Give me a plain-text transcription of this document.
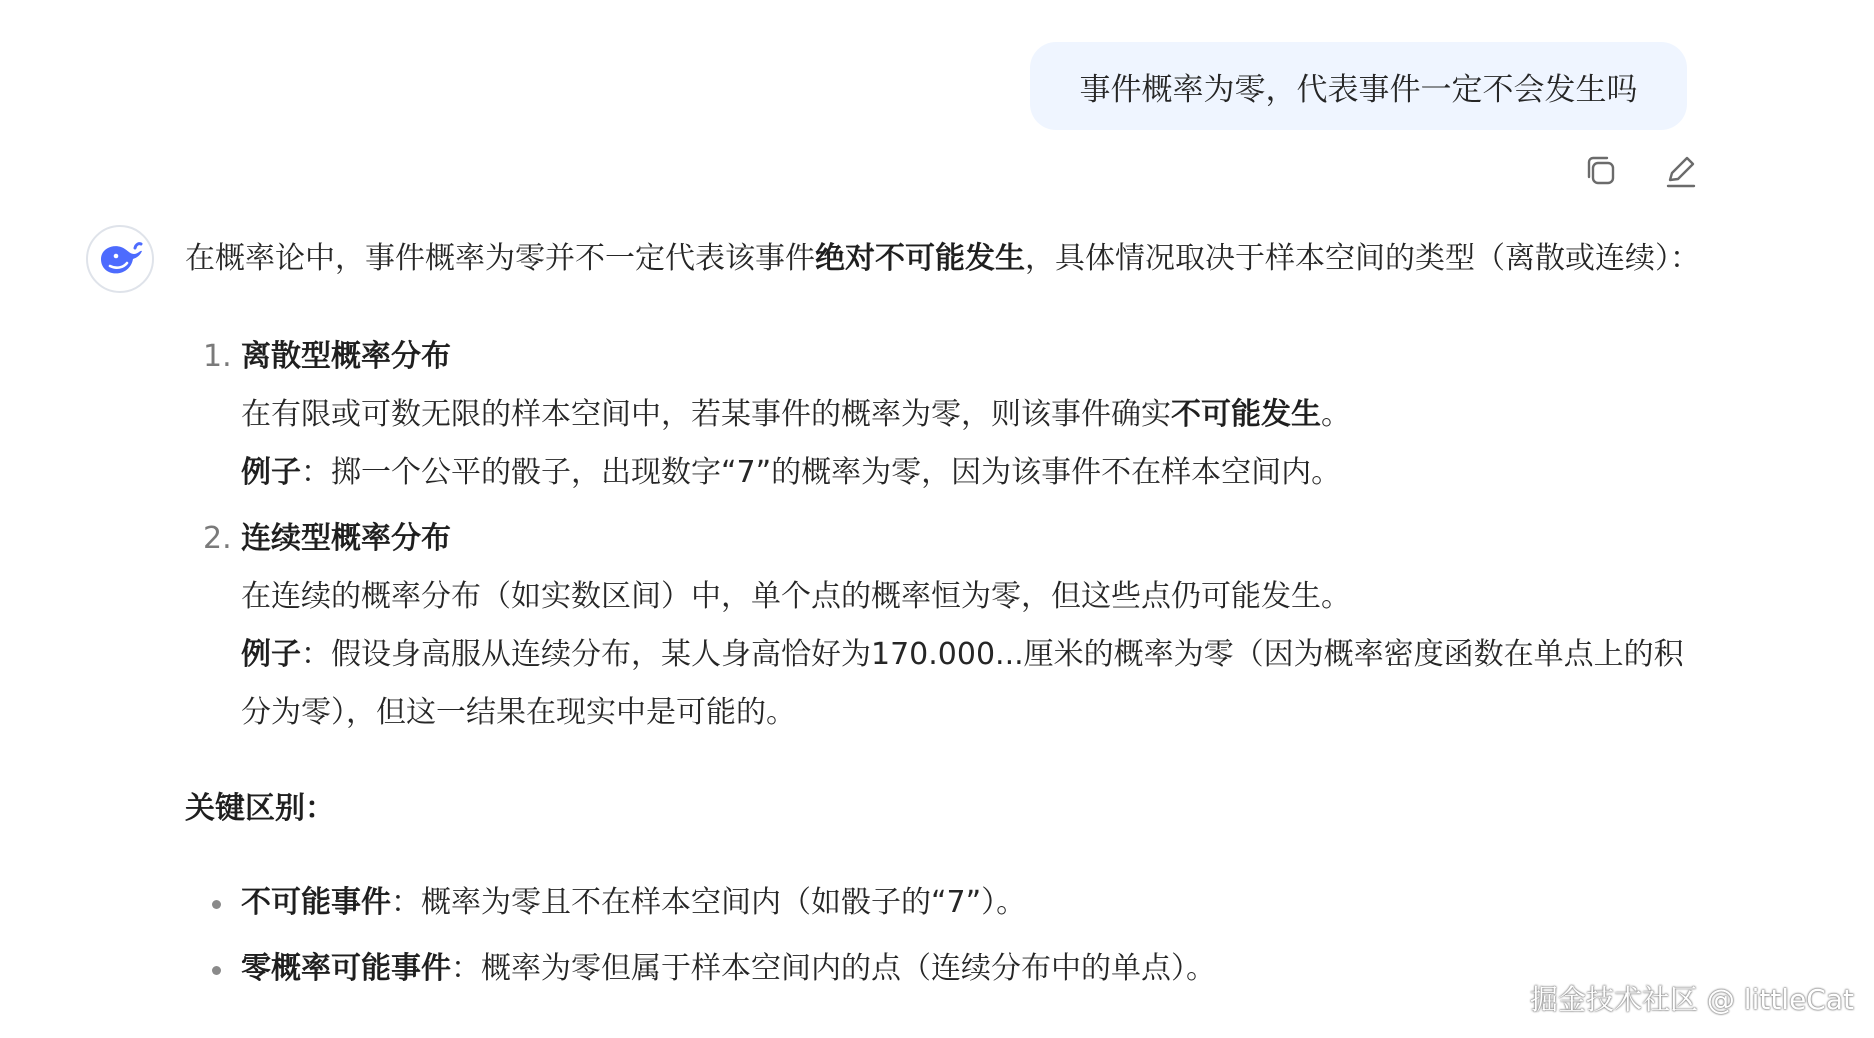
事件概率为零，代表事件一定不会发生吗

在概率论中，事件概率为零并不一定代表该事件绝对不可能发生，具体情况取决于样本空间的类型（离散或连续）：

1. 离散型概率分布
在有限或可数无限的样本空间中，若某事件的概率为零，则该事件确实不可能发生。
例子：掷一个公平的骰子，出现数字“7”的概率为零，因为该事件不在样本空间内。
2. 连续型概率分布
在连续的概率分布（如实数区间）中，单个点的概率恒为零，但这些点仍可能发生。
例子：假设身高服从连续分布，某人身高恰好为170.000...厘米的概率为零（因为概率密度函数在单点上的积分为零），但这一结果在现实中是可能的。

关键区别：

不可能事件：概率为零且不在样本空间内（如骰子的“7”）。
零概率可能事件：概率为零但属于样本空间内的点（连续分布中的单点）。
掘金技术社区 @ littleCat
